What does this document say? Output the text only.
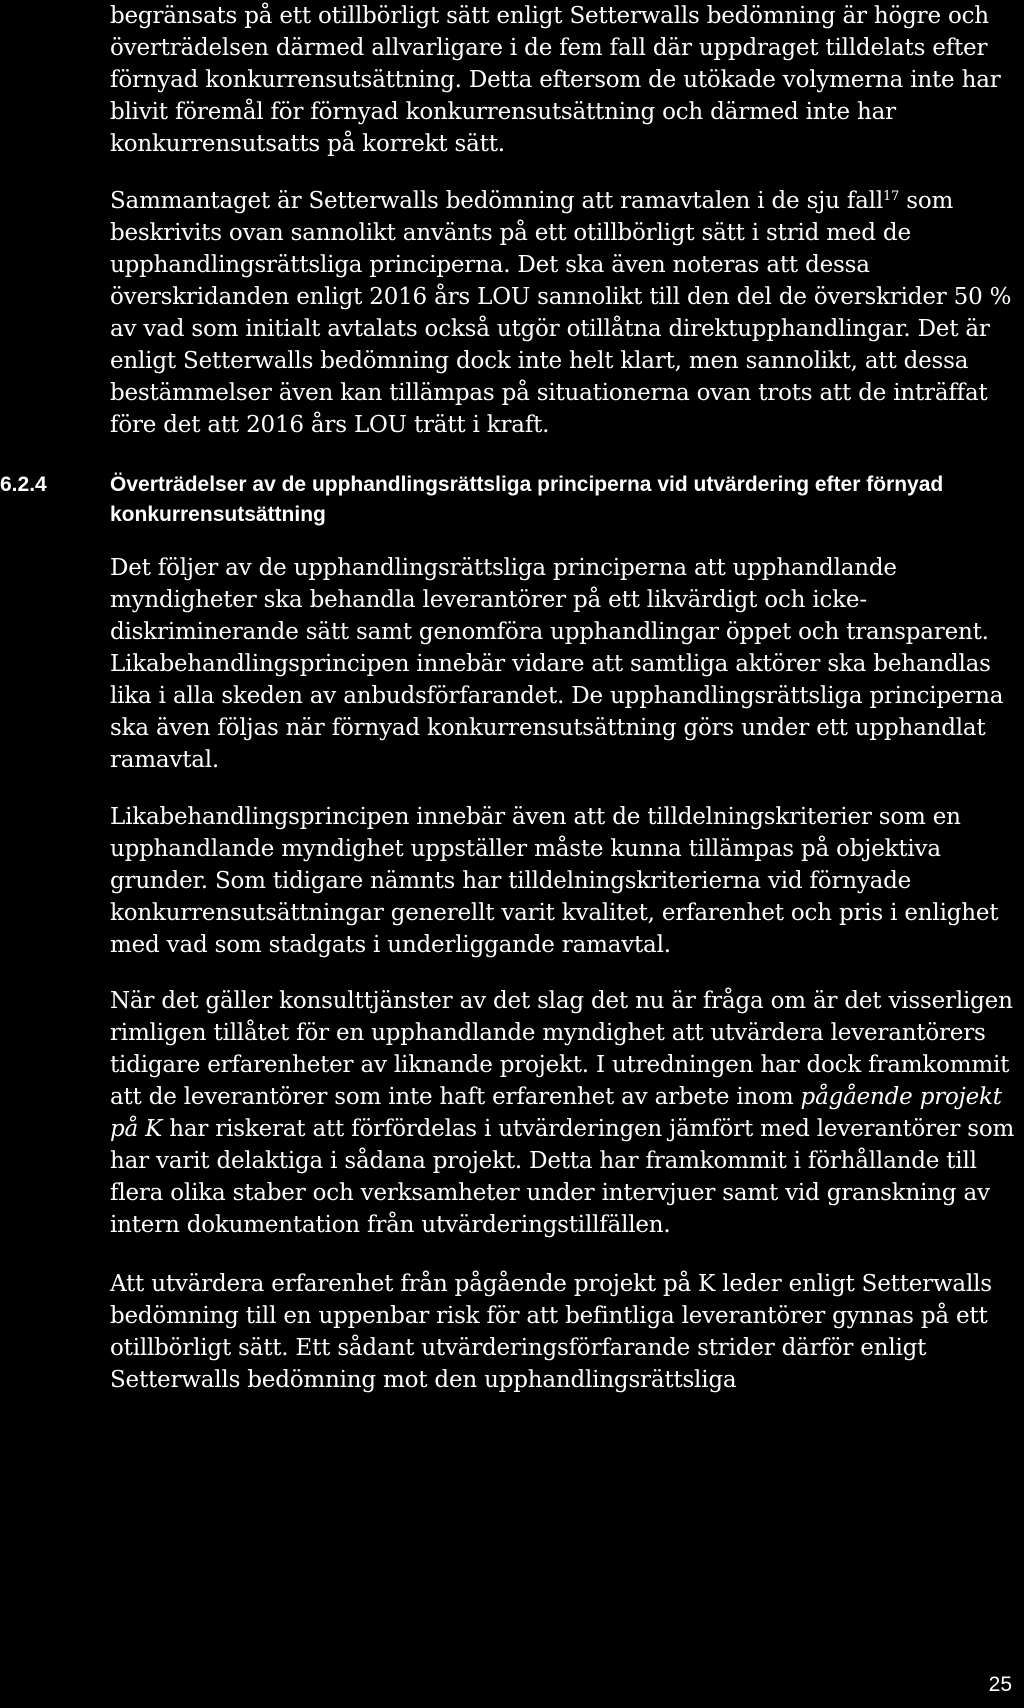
begränsats på ett otillbörligt sätt enligt Setterwalls bedömning är högre och överträdelsen därmed allvarligare i de fem fall där uppdraget tilldelats efter förnyad konkurrensutsättning. Detta eftersom de utökade volymerna inte har blivit föremål för förnyad konkurrensutsättning och därmed inte har konkurrensutsatts på korrekt sätt.

Sammantaget är Setterwalls bedömning att ramavtalen i de sju fall$^{17}$ som beskrivits ovan sannolikt använts på ett otillbörligt sätt i strid med de upphandlingsrättsliga principerna. Det ska även noteras att dessa överskridanden enligt 2016 års LOU sannolikt till den del de överskrider 50 % av vad som initialt avtalats också utgör otillåtna direktupphandlingar. Det är enligt Setterwalls bedömning dock inte helt klart, men sannolikt, att dessa bestämmelser även kan tillämpas på situationerna ovan trots att de inträffat före det att 2016 års LOU trätt i kraft.

6.2.4	Överträdelser av de upphandlingsrättsliga principerna vid utvärdering efter förnyad konkurrensutsättning

Det följer av de upphandlingsrättsliga principerna att upphandlande myndigheter ska behandla leverantörer på ett likvärdigt och icke-diskriminerande sätt samt genomföra upphandlingar öppet och transparent. Likabehandlingsprincipen innebär vidare att samtliga aktörer ska behandlas lika i alla skeden av anbudsförfarandet. De upphandlingsrättsliga principerna ska även följas när förnyad konkurrensutsättning görs under ett upphandlat ramavtal.

Likabehandlingsprincipen innebär även att de tilldelningskriterier som en upphandlande myndighet uppställer måste kunna tillämpas på objektiva grunder. Som tidigare nämnts har tilldelningskriterierna vid förnyade konkurrensutsättningar generellt varit kvalitet, erfarenhet och pris i enlighet med vad som stadgats i underliggande ramavtal.

När det gäller konsulttjänster av det slag det nu är fråga om är det visserligen rimligen tillåtet för en upphandlande myndighet att utvärdera leverantörers tidigare erfarenheter av liknande projekt. I utredningen har dock framkommit att de leverantörer som inte haft erfarenhet av arbete inom pågående projekt på K har riskerat att förfördelas i utvärderingen jämfört med leverantörer som har varit delaktiga i sådana projekt. Detta har framkommit i förhållande till flera olika staber och verksamheter under intervjuer samt vid granskning av intern dokumentation från utvärderingstillfällen.

Att utvärdera erfarenhet från pågående projekt på K leder enligt Setterwalls bedömning till en uppenbar risk för att befintliga leverantörer gynnas på ett otillbörligt sätt. Ett sådant utvärderingsförfarande strider därför enligt Setterwalls bedömning mot den upphandlingsrättsliga

25
